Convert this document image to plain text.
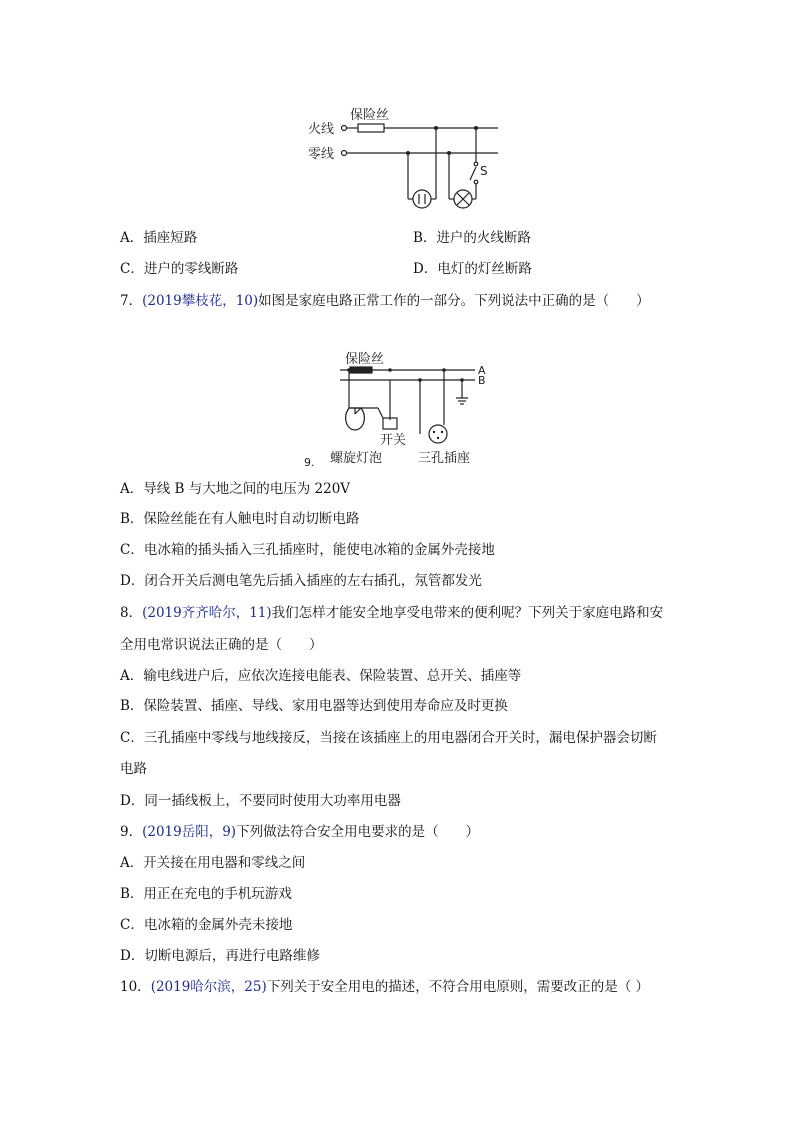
火线
零线
保险丝
S
A．插座短路	B．进户的火线断路
C．进户的零线断路	D．电灯的灯丝断路
7．(2019攀枝花，10)如图是家庭电路正常工作的一部分。下列说法中正确的是（　　）
保险丝
A
B
开关
螺旋灯泡	三孔插座
9.
A．导线 B 与大地之间的电压为 220V
B．保险丝能在有人触电时自动切断电路
C．电冰箱的插头插入三孔插座时，能使电冰箱的金属外壳接地
D．闭合开关后测电笔先后插入插座的左右插孔，氖管都发光
8．(2019齐齐哈尔，11)我们怎样才能安全地享受电带来的便利呢？下列关于家庭电路和安
全用电常识说法正确的是（　　）
A．输电线进户后，应依次连接电能表、保险装置、总开关、插座等
B．保险装置、插座、导线、家用电器等达到使用寿命应及时更换
C．三孔插座中零线与地线接反，当接在该插座上的用电器闭合开关时，漏电保护器会切断
电路
D．同一插线板上，不要同时使用大功率用电器
9．(2019岳阳，9)下列做法符合安全用电要求的是（　　）
A．开关接在用电器和零线之间
B．用正在充电的手机玩游戏
C．电冰箱的金属外壳未接地
D．切断电源后，再进行电路维修
10．(2019哈尔滨，25)下列关于安全用电的描述，不符合用电原则，需要改正的是（ ）
